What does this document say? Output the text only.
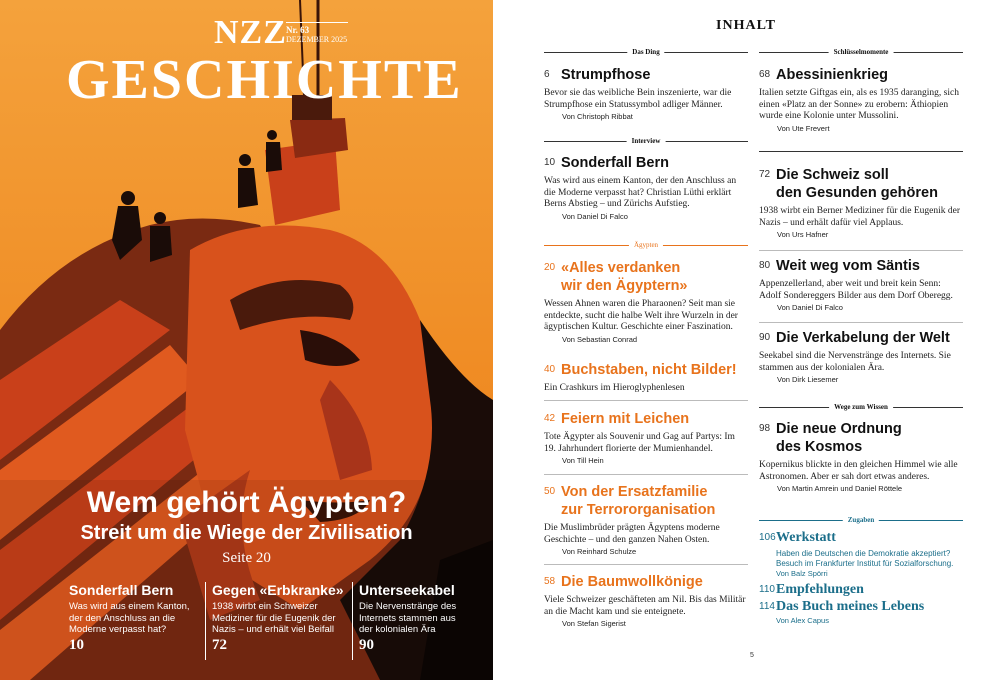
NZZ Nr. 63
DEZEMBER 2025
GESCHICHTE
Wem gehört Ägypten?
Streit um die Wiege der Zivilisation
Seite 20
Sonderfall Bern
Was wird aus einem Kanton, der den Anschluss an die Moderne verpasst hat?
10
Gegen «Erbkranke»
1938 wirbt ein Schweizer Mediziner für die Eugenik der Nazis – und erhält viel Beifall
72
Unterseekabel
Die Nervenstränge des Internets stammen aus der kolonialen Ära
90
INHALT
Das Ding
6 Strumpfhose
Bevor sie das weibliche Bein inszenierte, war die Strumpfhose ein Statussymbol adliger Männer.
Von Christoph Ribbat
Interview
10 Sonderfall Bern
Was wird aus einem Kanton, der den Anschluss an die Moderne verpasst hat? Christian Lüthi erklärt Berns Abstieg – und Zürichs Aufstieg.
Von Daniel Di Falco
Ägypten
20 «Alles verdanken
wir den Ägyptern»
Wessen Ahnen waren die Pharaonen? Seit man sie entdeckte, sucht die halbe Welt ihre Wurzeln in der ägyptischen Kultur. Geschichte einer Faszination.
Von Sebastian Conrad
40 Buchstaben, nicht Bilder!
Ein Crashkurs im Hieroglyphenlesen
42 Feiern mit Leichen
Tote Ägypter als Souvenir und Gag auf Partys: Im 19. Jahrhundert florierte der Mumienhandel.
Von Till Hein
50 Von der Ersatzfamilie
zur Terrororganisation
Die Muslimbrüder prägten Ägyptens moderne Geschichte – und den ganzen Nahen Osten.
Von Reinhard Schulze
58 Die Baumwollkönige
Viele Schweizer geschäfteten am Nil. Bis das Militär an die Macht kam und sie enteignete.
Von Stefan Sigerist
Schlüsselmomente
68 Abessinienkrieg
Italien setzte Giftgas ein, als es 1935 daranging, sich einen «Platz an der Sonne» zu erobern: Äthiopien wurde eine Kolonie unter Mussolini.
Von Ute Frevert
72 Die Schweiz soll
den Gesunden gehören
1938 wirbt ein Berner Mediziner für die Eugenik der Nazis – und erhält dafür viel Applaus.
Von Urs Hafner
80 Weit weg vom Säntis
Appenzellerland, aber weit und breit kein Senn: Adolf Sondereggers Bilder aus dem Dorf Oberegg.
Von Daniel Di Falco
90 Die Verkabelung der Welt
Seekabel sind die Nervenstränge des Internets. Sie stammen aus der kolonialen Ära.
Von Dirk Liesemer
Wege zum Wissen
98 Die neue Ordnung
des Kosmos
Kopernikus blickte in den gleichen Himmel wie alle Astronomen. Aber er sah dort etwas anderes.
Von Martin Amrein und Daniel Röttele
Zugaben
106 Werkstatt
Haben die Deutschen die Demokratie akzeptiert? Besuch im Frankfurter Institut für Sozialforschung.
Von Balz Spörri
110 Empfehlungen
114 Das Buch meines Lebens
Von Alex Capus
5
